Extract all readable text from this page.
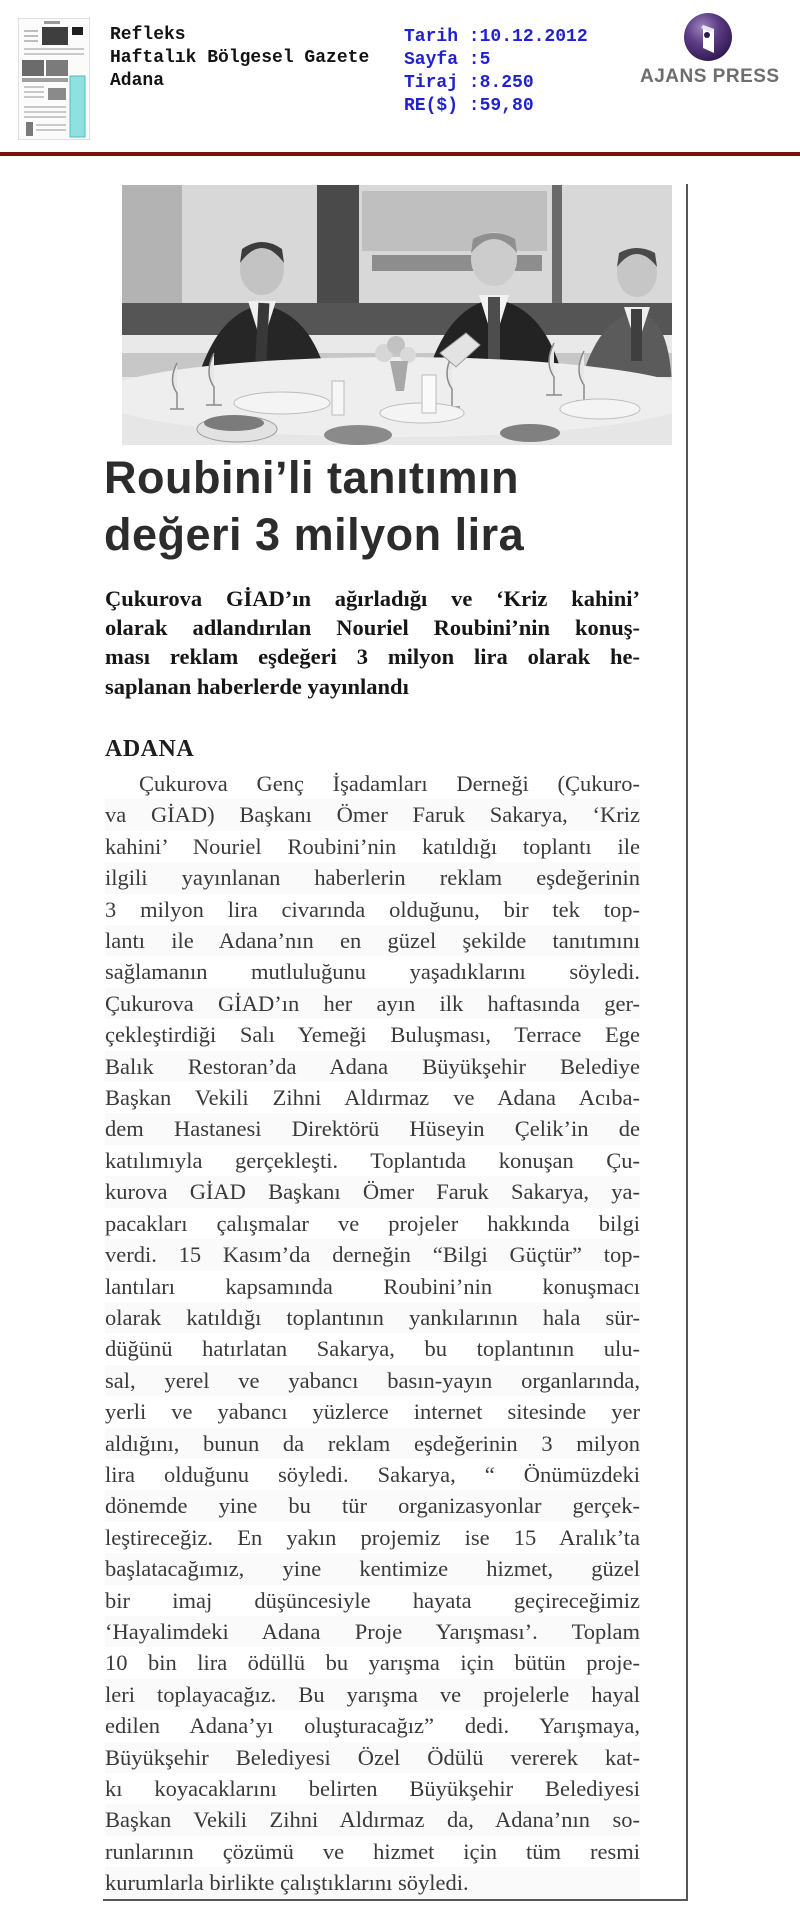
Refleks
Haftalık Bölgesel Gazete
Adana
Tarih :10.12.2012
Sayfa :5
Tiraj :8.250
RE($) :59,80
AJANS PRESS
Roubini’li tanıtımın
değeri 3 milyon lira
Çukurova GİAD’ın ağırladığı ve ‘Kriz kahini’
olarak adlandırılan Nouriel Roubini’nin konuş-
ması reklam eşdeğeri 3 milyon lira olarak he-
saplanan haberlerde yayınlandı
ADANA
Çukurova Genç İşadamları Derneği (Çukuro-
va GİAD) Başkanı Ömer Faruk Sakarya, ‘Kriz
kahini’ Nouriel Roubini’nin katıldığı toplantı ile
ilgili yayınlanan haberlerin reklam eşdeğerinin
3 milyon lira civarında olduğunu, bir tek top-
lantı ile Adana’nın en güzel şekilde tanıtımını
sağlamanın mutluluğunu yaşadıklarını söyledi.
Çukurova GİAD’ın her ayın ilk haftasında ger-
çekleştirdiği Salı Yemeği Buluşması, Terrace Ege
Balık Restoran’da Adana Büyükşehir Belediye
Başkan Vekili Zihni Aldırmaz ve Adana Acıba-
dem Hastanesi Direktörü Hüseyin Çelik’in de
katılımıyla gerçekleşti. Toplantıda konuşan Çu-
kurova GİAD Başkanı Ömer Faruk Sakarya, ya-
pacakları çalışmalar ve projeler hakkında bilgi
verdi. 15 Kasım’da derneğin “Bilgi Güçtür” top-
lantıları kapsamında Roubini’nin konuşmacı
olarak katıldığı toplantının yankılarının hala sür-
düğünü hatırlatan Sakarya, bu toplantının ulu-
sal, yerel ve yabancı basın-yayın organlarında,
yerli ve yabancı yüzlerce internet sitesinde yer
aldığını, bunun da reklam eşdeğerinin 3 milyon
lira olduğunu söyledi. Sakarya, “ Önümüzdeki
dönemde yine bu tür organizasyonlar gerçek-
leştireceğiz. En yakın projemiz ise 15 Aralık’ta
başlatacağımız, yine kentimize hizmet, güzel
bir imaj düşüncesiyle hayata geçireceğimiz
‘Hayalimdeki Adana Proje Yarışması’. Toplam
10 bin lira ödüllü bu yarışma için bütün proje-
leri toplayacağız. Bu yarışma ve projelerle hayal
edilen Adana’yı oluşturacağız” dedi. Yarışmaya,
Büyükşehir Belediyesi Özel Ödülü vererek kat-
kı koyacaklarını belirten Büyükşehir Belediyesi
Başkan Vekili Zihni Aldırmaz da, Adana’nın so-
runlarının çözümü ve hizmet için tüm resmi
kurumlarla birlikte çalıştıklarını söyledi.
